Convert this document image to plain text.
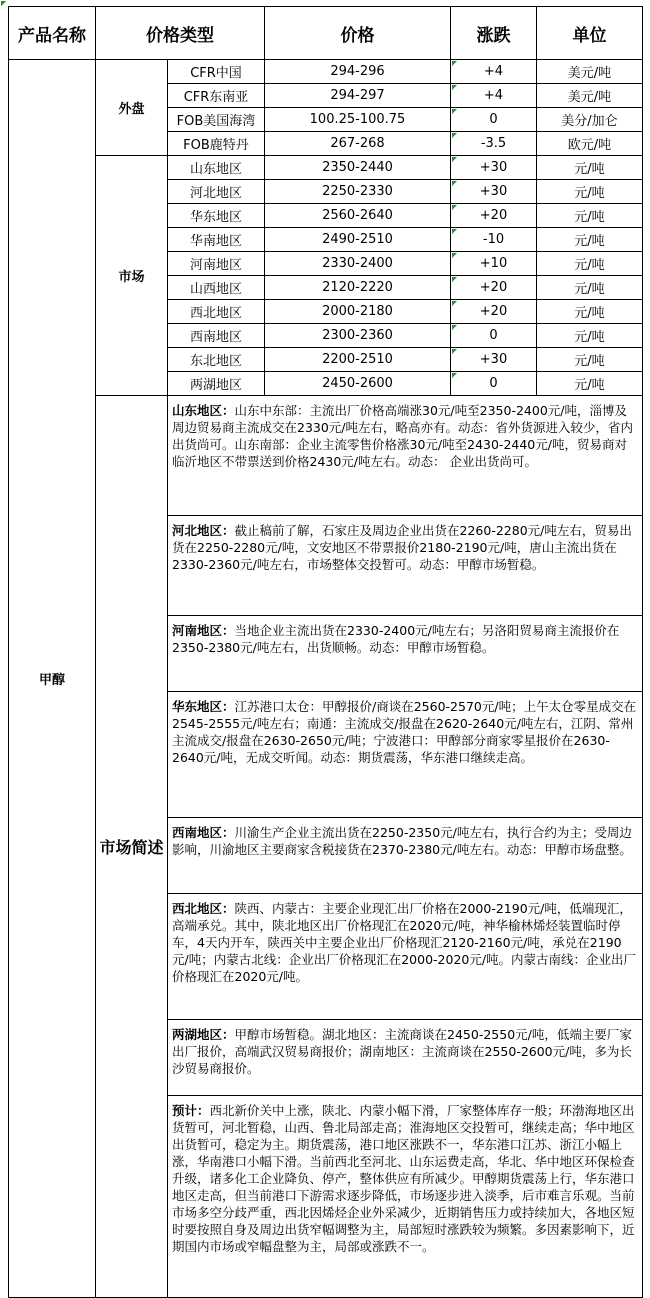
产品名称	价格类型	价格	涨跌	单位
甲醇	外盘	CFR中国	294-296	+4	美元/吨
CFR东南亚	294-297	+4	美元/吨
FOB美国海湾	100.25-100.75	0	美分/加仑
FOB鹿特丹	267-268	-3.5	欧元/吨
市场	山东地区	2350-2440	+30	元/吨
河北地区	2250-2330	+30	元/吨
华东地区	2560-2640	+20	元/吨
华南地区	2490-2510	-10	元/吨
河南地区	2330-2400	+10	元/吨
山西地区	2120-2220	+20	元/吨
西北地区	2000-2180	+20	元/吨
西南地区	2300-2360	0	元/吨
东北地区	2200-2510	+30	元/吨
两湖地区	2450-2600	0	元/吨
市场简述	
山东地区：山东中东部：主流出厂价格高端涨30元/吨至2350-2400元/吨，淄博及周边贸易商主流成交在2330元/吨左右，略高亦有。动态：省外货源进入较少，省内出货尚可。山东南部：企业主流零售价格涨30元/吨至2430-2440元/吨，贸易商对临沂地区不带票送到价格2430元/吨左右。动态： 企业出货尚可。
河北地区：截止稿前了解，石家庄及周边企业出货在2260-2280元/吨左右，贸易出货在2250-2280元/吨，文安地区不带票报价2180-2190元/吨，唐山主流出货在2330-2360元/吨左右，市场整体交投暂可。动态：甲醇市场暂稳。
河南地区：当地企业主流出货在2330-2400元/吨左右；另洛阳贸易商主流报价在2350-2380元/吨左右，出货顺畅。动态：甲醇市场暂稳。
华东地区：江苏港口太仓：甲醇报价/商谈在2560-2570元/吨；上午太仓零星成交在2545-2555元/吨左右；南通：主流成交/报盘在2620-2640元/吨左右，江阴、常州主流成交/报盘在2630-2650元/吨；宁波港口：甲醇部分商家零星报价在2630-2640元/吨，无成交听闻。动态：期货震荡，华东港口继续走高。
西南地区：川渝生产企业主流出货在2250-2350元/吨左右，执行合约为主；受周边影响，川渝地区主要商家含税接货在2370-2380元/吨左右。动态：甲醇市场盘整。
西北地区：陕西、内蒙古：主要企业现汇出厂价格在2000-2190元/吨，低端现汇，高端承兑。其中，陕北地区出厂价格现汇在2020元/吨，神华榆林烯烃装置临时停车，4天内开车，陕西关中主要企业出厂价格现汇2120-2160元/吨，承兑在2190元/吨；内蒙古北线：企业出厂价格现汇在2000-2020元/吨。内蒙古南线：企业出厂价格现汇在2020元/吨。
两湖地区：甲醇市场暂稳。湖北地区：主流商谈在2450-2550元/吨，低端主要厂家出厂报价，高端武汉贸易商报价；湖南地区：主流商谈在2550-2600元/吨，多为长沙贸易商报价。
预计：西北新价关中上涨，陕北、内蒙小幅下滑，厂家整体库存一般；环渤海地区出货暂可，河北暂稳，山西、鲁北局部走高；淮海地区交投暂可，继续走高；华中地区出货暂可，稳定为主。期货震荡，港口地区涨跌不一，华东港口江苏、浙江小幅上涨，华南港口小幅下滑。当前西北至河北、山东运费走高，华北、华中地区环保检查升级，诸多化工企业降负、停产，整体供应有所减少。甲醇期货震荡上行，华东港口地区走高，但当前港口下游需求逐步降低，市场逐步进入淡季，后市难言乐观。当前市场多空分歧严重，西北因烯烃企业外采减少，近期销售压力或持续加大，各地区短时要按照自身及周边出货窄幅调整为主，局部短时涨跌较为频繁。多因素影响下，近期国内市场或窄幅盘整为主，局部或涨跌不一。
